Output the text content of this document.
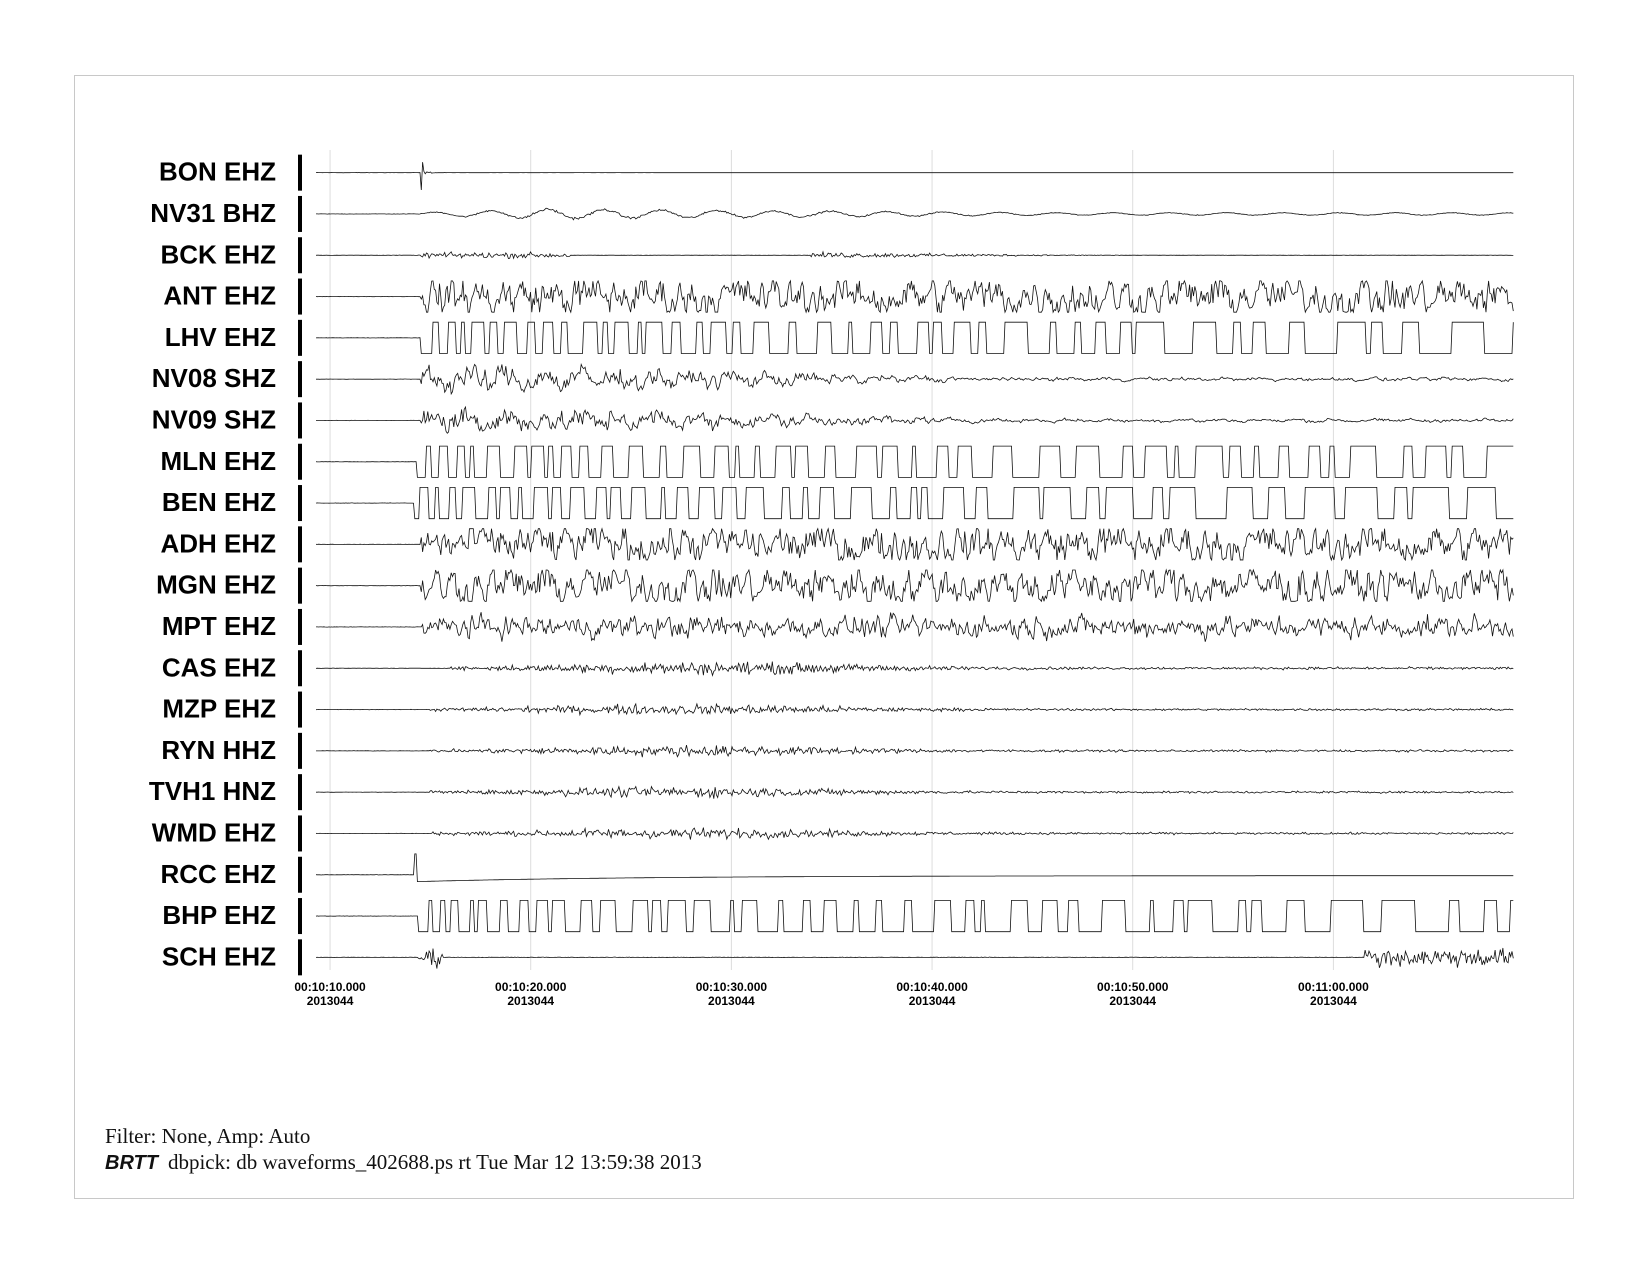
00:10:10.000
2013044
00:10:20.000
2013044
00:10:30.000
2013044
00:10:40.000
2013044
00:10:50.000
2013044
00:11:00.000
2013044
BON EHZ
NV31 BHZ
BCK EHZ
ANT EHZ
LHV EHZ
NV08 SHZ
NV09 SHZ
MLN EHZ
BEN EHZ
ADH EHZ
MGN EHZ
MPT EHZ
CAS EHZ
MZP EHZ
RYN HHZ
TVH1 HNZ
WMD EHZ
RCC EHZ
BHP EHZ
SCH EHZ
Filter: None, Amp: Auto
BRTT dbpick: db waveforms_402688.ps rt Tue Mar 12 13:59:38 2013
